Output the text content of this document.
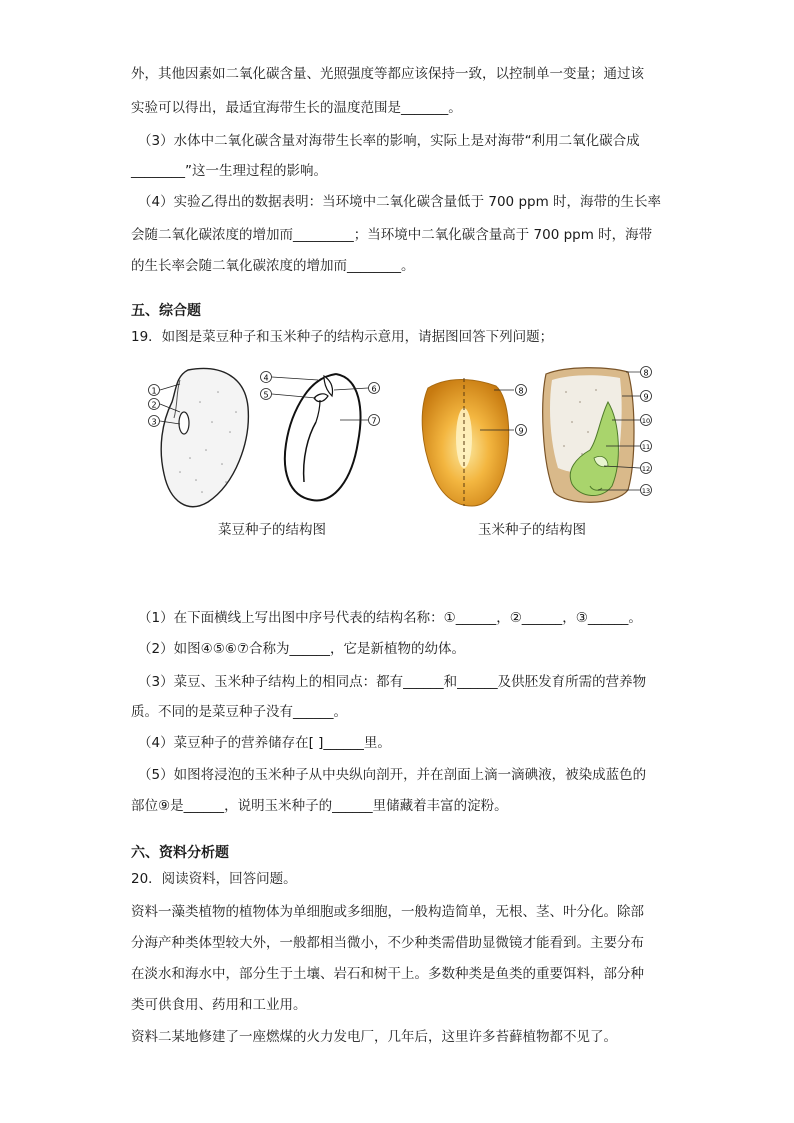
外，其他因素如二氧化碳含量、光照强度等都应该保持一致，以控制单一变量；通过该
实验可以得出，最适宜海带生长的温度范围是_______。
（3）水体中二氧化碳含量对海带生长率的影响，实际上是对海带“利用二氧化碳合成
________”这一生理过程的影响。
（4）实验乙得出的数据表明：当环境中二氧化碳含量低于 700 ppm 时，海带的生长率
会随二氧化碳浓度的增加而_________；当环境中二氧化碳含量高于 700 ppm 时，海带
的生长率会随二氧化碳浓度的增加而________。
五、综合题
19．如图是菜豆种子和玉米种子的结构示意用，请据图回答下列问题；
1
2
3
4
5
6
7
8
9
8
9
10
11
12
13
菜豆种子的结构图	玉米种子的结构图
（1）在下面横线上写出图中序号代表的结构名称：①______，②______，③______。
（2）如图④⑤⑥⑦合称为______，它是新植物的幼体。
（3）菜豆、玉米种子结构上的相同点：都有______和______及供胚发育所需的营养物
质。不同的是菜豆种子没有______。
（4）菜豆种子的营养储存在[ ]______里。
（5）如图将浸泡的玉米种子从中央纵向剖开，并在剖面上滴一滴碘液，被染成蓝色的
部位⑨是______，说明玉米种子的______里储藏着丰富的淀粉。
六、资料分析题
20．阅读资料，回答问题。
资料一藻类植物的植物体为单细胞或多细胞，一般构造简单，无根、茎、叶分化。除部
分海产种类体型较大外，一般都相当微小，不少种类需借助显微镜才能看到。主要分布
在淡水和海水中，部分生于土壤、岩石和树干上。多数种类是鱼类的重要饵料，部分种
类可供食用、药用和工业用。
资料二某地修建了一座燃煤的火力发电厂，几年后，这里许多苔藓植物都不见了。
